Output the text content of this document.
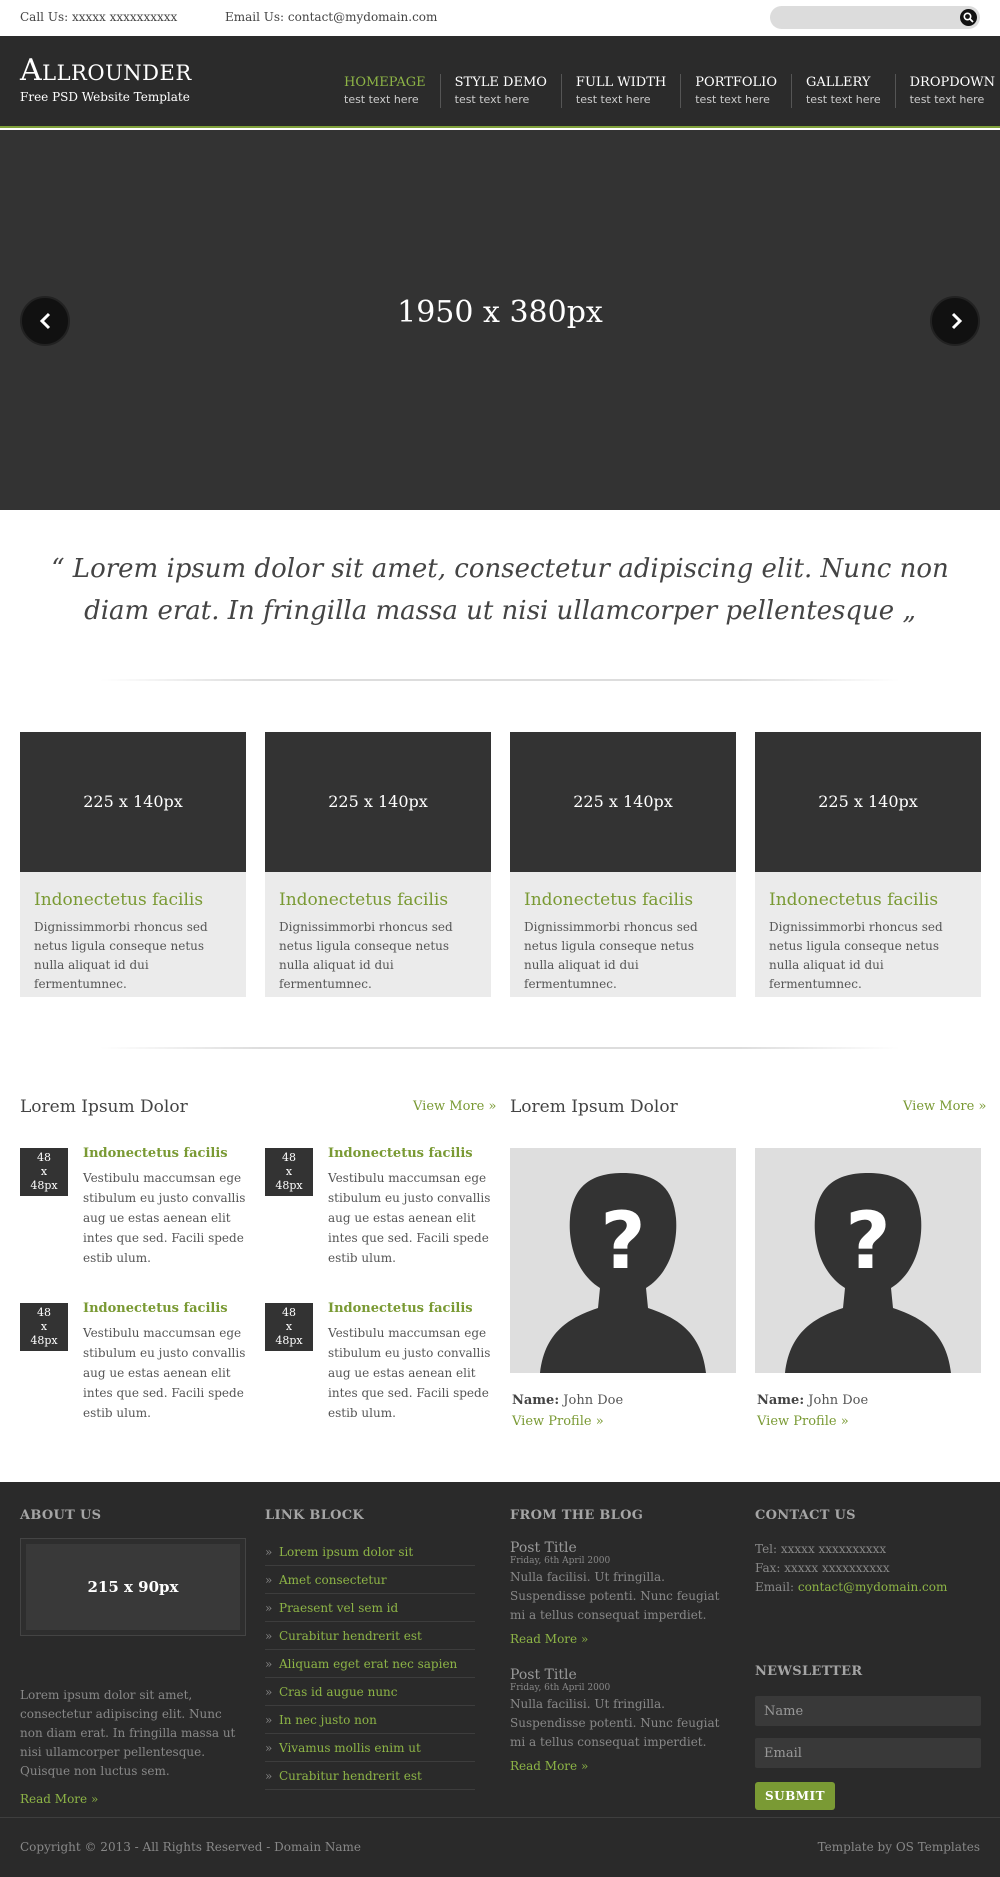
Call Us: xxxxx xxxxxxxxxx	Email Us: contact@mydomain.com
Allrounder
Free PSD Website Template
HOMEPAGE
test text here
STYLE DEMO
test text here
FULL WIDTH
test text here
PORTFOLIO
test text here
GALLERY
test text here
DROPDOWN
test text here
1950 x 380px
“ Lorem ipsum dolor sit amet, consectetur adipiscing elit. Nunc non diam erat. In fringilla massa ut nisi ullamcorper pellentesque „
225 x 140px
Indonectetus facilis

Dignissimmorbi rhoncus sed netus ligula conseque netus nulla aliquat id dui fermentumnec.

225 x 140px
Indonectetus facilis

Dignissimmorbi rhoncus sed netus ligula conseque netus nulla aliquat id dui fermentumnec.

225 x 140px
Indonectetus facilis

Dignissimmorbi rhoncus sed netus ligula conseque netus nulla aliquat id dui fermentumnec.

225 x 140px
Indonectetus facilis

Dignissimmorbi rhoncus sed netus ligula conseque netus nulla aliquat id dui fermentumnec.

Lorem Ipsum Dolor	View More »
48
x
48px
Indonectetus facilis

Vestibulu maccumsan ege stibulum eu justo convallis aug ue estas aenean elit intes que sed. Facili spede estib ulum.

48
x
48px
Indonectetus facilis

Vestibulu maccumsan ege stibulum eu justo convallis aug ue estas aenean elit intes que sed. Facili spede estib ulum.

48
x
48px
Indonectetus facilis

Vestibulu maccumsan ege stibulum eu justo convallis aug ue estas aenean elit intes que sed. Facili spede estib ulum.

48
x
48px
Indonectetus facilis

Vestibulu maccumsan ege stibulum eu justo convallis aug ue estas aenean elit intes que sed. Facili spede estib ulum.

Lorem Ipsum Dolor	View More »
?
Name: John Doe
View Profile »
?
Name: John Doe
View Profile »
ABOUT US
215 x 90px
Lorem ipsum dolor sit amet, consectetur adipiscing elit. Nunc non diam erat. In fringilla massa ut nisi ullamcorper pellentesque. Quisque non luctus sem.
Read More »
LINK BLOCK
» Lorem ipsum dolor sit
» Amet consectetur
» Praesent vel sem id
» Curabitur hendrerit est
» Aliquam eget erat nec sapien
» Cras id augue nunc
» In nec justo non
» Vivamus mollis enim ut
» Curabitur hendrerit est
FROM THE BLOG
Post Title
Friday, 6th April 2000
Nulla facilisi. Ut fringilla. Suspendisse potenti. Nunc feugiat mi a tellus consequat imperdiet.
Read More »
Post Title
Friday, 6th April 2000
Nulla facilisi. Ut fringilla. Suspendisse potenti. Nunc feugiat mi a tellus consequat imperdiet.
Read More »
CONTACT US
Tel: xxxxx xxxxxxxxxx
Fax: xxxxx xxxxxxxxxx
Email: contact@mydomain.com
NEWSLETTER
Name
Email
SUBMIT
Copyright © 2013 - All Rights Reserved - Domain Name	Template by OS Templates
